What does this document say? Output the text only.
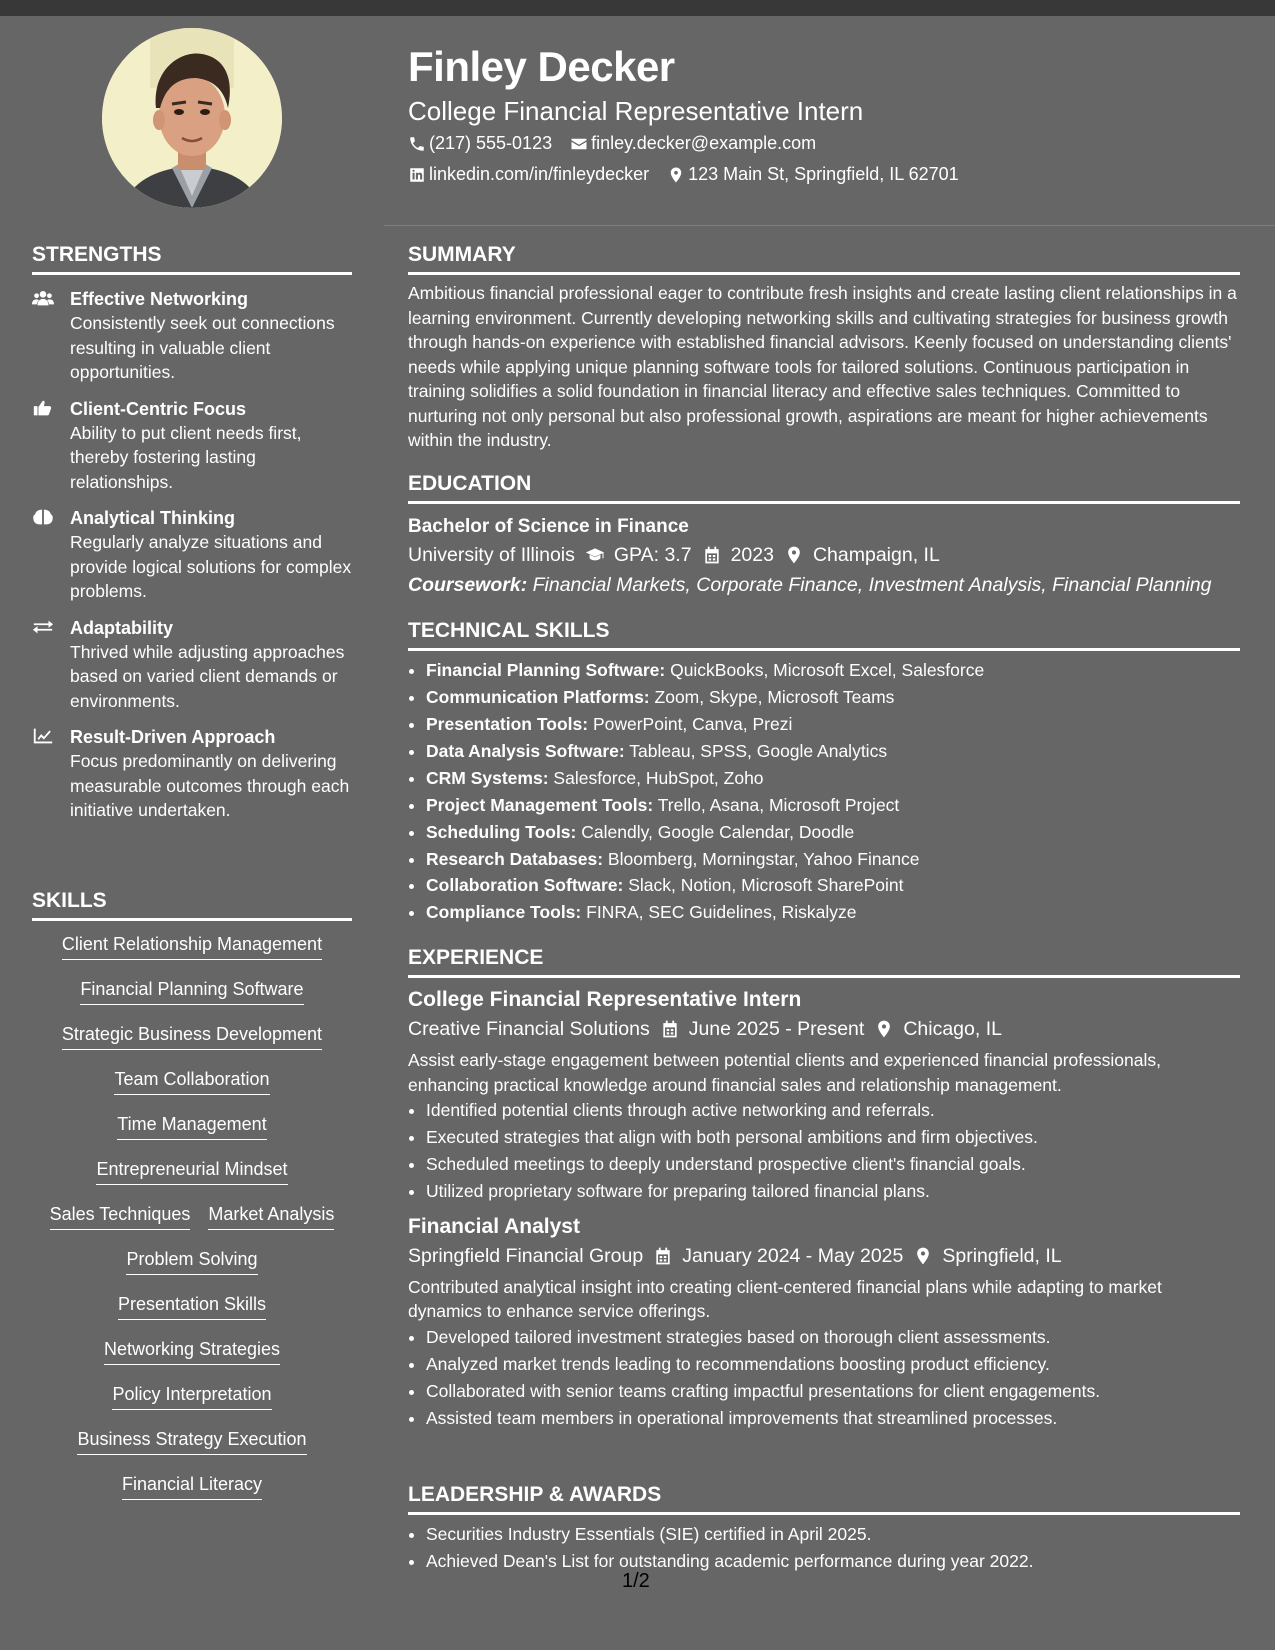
STRENGTHS
Effective Networking
Consistently seek out connections resulting in valuable client opportunities.
Client-Centric Focus
Ability to put client needs first, thereby fostering lasting relationships.
Analytical Thinking
Regularly analyze situations and provide logical solutions for complex problems.
Adaptability
Thrived while adjusting approaches based on varied client demands or environments.
Result-Driven Approach
Focus predominantly on delivering measurable outcomes through each initiative undertaken.
SKILLS
Client Relationship Management
Financial Planning Software
Strategic Business Development
Team Collaboration
Time Management
Entrepreneurial Mindset
Sales Techniques Market Analysis
Problem Solving
Presentation Skills
Networking Strategies
Policy Interpretation
Business Strategy Execution
Financial Literacy
Finley Decker
College Financial Representative Intern
(217) 555-0123 finley.decker@example.com
linkedin.com/in/finleydecker 123 Main St, Springfield, IL 62701
SUMMARY

Ambitious financial professional eager to contribute fresh insights and create lasting client relationships in a learning environment. Currently developing networking skills and cultivating strategies for business growth through hands-on experience with established financial advisors. Keenly focused on understanding clients' needs while applying unique planning software tools for tailored solutions. Continuous participation in training solidifies a solid foundation in financial literacy and effective sales techniques. Committed to nurturing not only personal but also professional growth, aspirations are meant for higher achievements within the industry.

EDUCATION
Bachelor of Science in Finance
University of Illinois GPA: 3.7 2023 Champaign, IL
Coursework: Financial Markets, Corporate Finance, Investment Analysis, Financial Planning
TECHNICAL SKILLS
• Financial Planning Software: QuickBooks, Microsoft Excel, Salesforce
• Communication Platforms: Zoom, Skype, Microsoft Teams
• Presentation Tools: PowerPoint, Canva, Prezi
• Data Analysis Software: Tableau, SPSS, Google Analytics
• CRM Systems: Salesforce, HubSpot, Zoho
• Project Management Tools: Trello, Asana, Microsoft Project
• Scheduling Tools: Calendly, Google Calendar, Doodle
• Research Databases: Bloomberg, Morningstar, Yahoo Finance
• Collaboration Software: Slack, Notion, Microsoft SharePoint
• Compliance Tools: FINRA, SEC Guidelines, Riskalyze
EXPERIENCE
College Financial Representative Intern
Creative Financial Solutions June 2025 - Present Chicago, IL
Assist early-stage engagement between potential clients and experienced financial professionals, enhancing practical knowledge around financial sales and relationship management.
• Identified potential clients through active networking and referrals.
• Executed strategies that align with both personal ambitions and firm objectives.
• Scheduled meetings to deeply understand prospective client's financial goals.
• Utilized proprietary software for preparing tailored financial plans.
Financial Analyst
Springfield Financial Group January 2024 - May 2025 Springfield, IL
Contributed analytical insight into creating client-centered financial plans while adapting to market dynamics to enhance service offerings.
• Developed tailored investment strategies based on thorough client assessments.
• Analyzed market trends leading to recommendations boosting product efficiency.
• Collaborated with senior teams crafting impactful presentations for client engagements.
• Assisted team members in operational improvements that streamlined processes.
LEADERSHIP & AWARDS
• Securities Industry Essentials (SIE) certified in April 2025.
• Achieved Dean's List for outstanding academic performance during year 2022.
1/2
